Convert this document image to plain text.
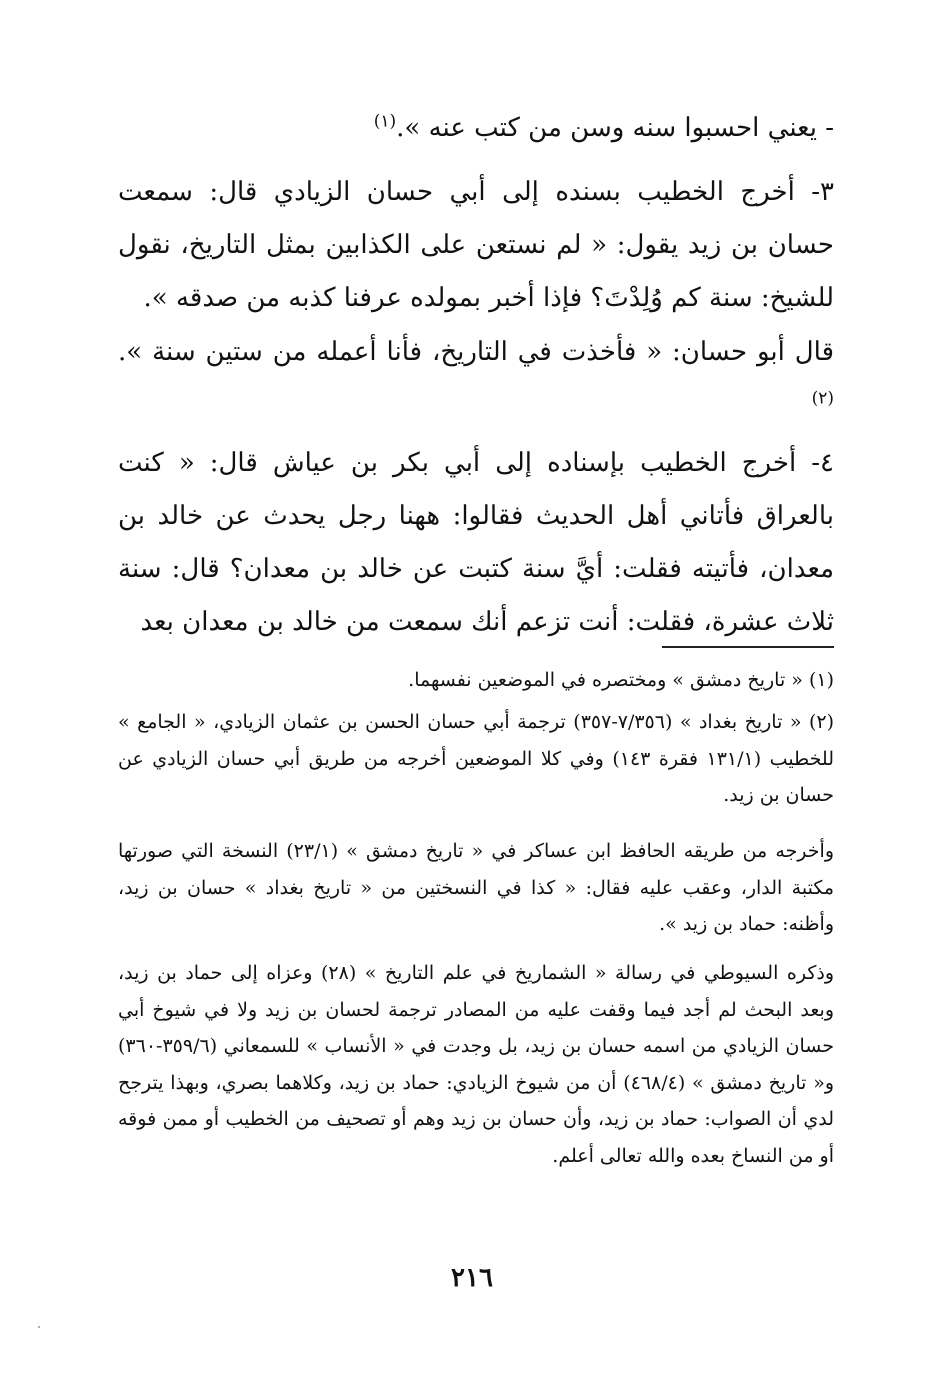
- يعني احسبوا سنه وسن من كتب عنه ».$^{(١)}$

٣- أخرج الخطيب بسنده إلى أبي حسان الزيادي قال: سمعت حسان بن زيد يقول: « لم نستعن على الكذابين بمثل التاريخ، نقول للشيخ: سنة كم وُلِدْتَ؟ فإذا أخبر بمولده عرفنا كذبه من صدقه ».

قال أبو حسان: « فأخذت في التاريخ، فأنا أعمله من ستين سنة ».$^{(٢)}$

٤- أخرج الخطيب بإسناده إلى أبي بكر بن عياش قال: « كنت بالعراق فأتاني أهل الحديث فقالوا: ههنا رجل يحدث عن خالد بن معدان، فأتيته فقلت: أيَّ سنة كتبت عن خالد بن معدان؟ قال: سنة ثلاث عشرة، فقلت: أنت تزعم أنك سمعت من خالد بن معدان بعد

(١) « تاريخ دمشق » ومختصره في الموضعين نفسهما.

(٢) « تاريخ بغداد » (٧/٣٥٦-٣٥٧) ترجمة أبي حسان الحسن بن عثمان الزيادي، « الجامع » للخطيب (١٣١/١ فقرة ١٤٣) وفي كلا الموضعين أخرجه من طريق أبي حسان الزيادي عن حسان بن زيد.

وأخرجه من طريقه الحافظ ابن عساكر في « تاريخ دمشق » (٢٣/١) النسخة التي صورتها مكتبة الدار، وعقب عليه فقال: « كذا في النسختين من « تاريخ بغداد » حسان بن زيد، وأظنه: حماد بن زيد ».

وذكره السيوطي في رسالة « الشماريخ في علم التاريخ » (٢٨) وعزاه إلى حماد بن زيد، وبعد البحث لم أجد فيما وقفت عليه من المصادر ترجمة لحسان بن زيد ولا في شيوخ أبي حسان الزيادي من اسمه حسان بن زيد، بل وجدت في « الأنساب » للسمعاني (٣٥٩/٦-٣٦٠) و« تاريخ دمشق » (٤٦٨/٤) أن من شيوخ الزيادي: حماد بن زيد، وكلاهما بصري، وبهذا يترجح لدي أن الصواب: حماد بن زيد، وأن حسان بن زيد وهم أو تصحيف من الخطيب أو ممن فوقه أو من النساخ بعده والله تعالى أعلم.

٢١٦
